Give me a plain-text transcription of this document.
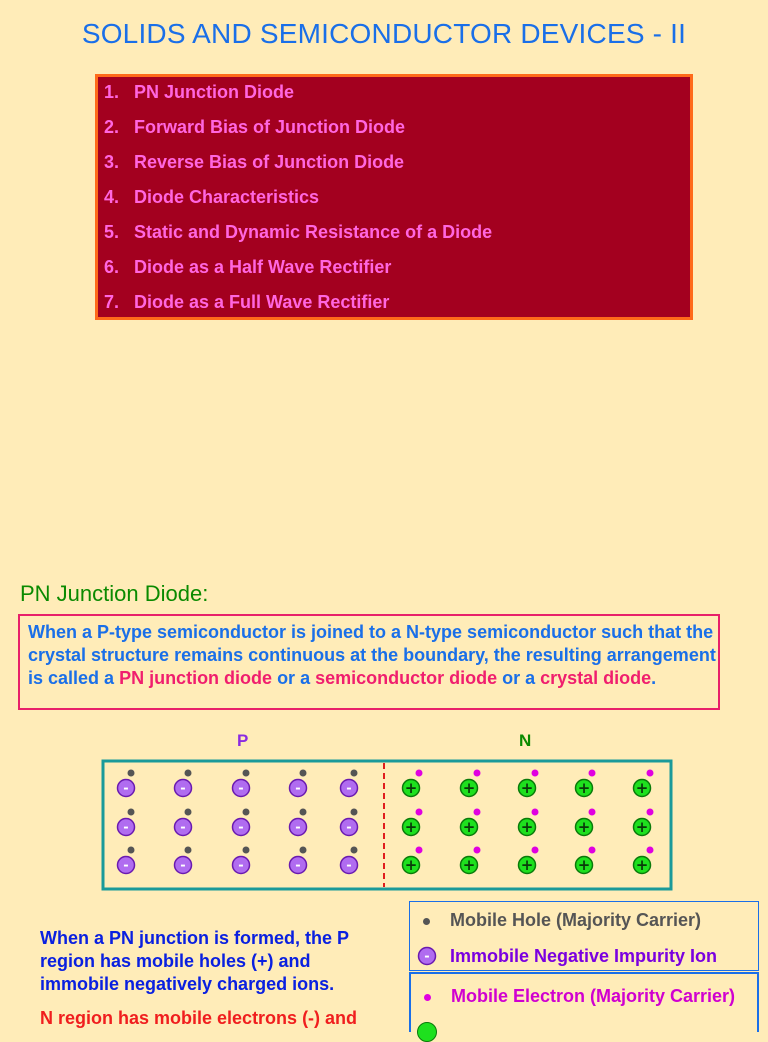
SOLIDS AND SEMICONDUCTOR DEVICES - II
1. PN Junction Diode
2. Forward Bias of Junction Diode
3. Reverse Bias of Junction Diode
4. Diode Characteristics
5. Static and Dynamic Resistance of a Diode
6. Diode as a Half Wave Rectifier
7. Diode as a Full Wave Rectifier
PN Junction Diode:
When a P-type semiconductor is joined to a N-type semiconductor such that the crystal structure remains continuous at the boundary, the resulting arrangement is called a PN junction diode or a semiconductor diode or a crystal diode.
P	N
-	-	-	-	-	+	+	+	+	+
-	-	-	-	-	+	+	+	+	+
-	-	-	-	-	+	+	+	+	+
When a PN junction is formed, the P region has mobile holes (+) and immobile negatively charged ions.
N region has mobile electrons (-) and
Mobile Hole (Majority Carrier)
- Immobile Negative Impurity Ion
Mobile Electron (Majority Carrier)
